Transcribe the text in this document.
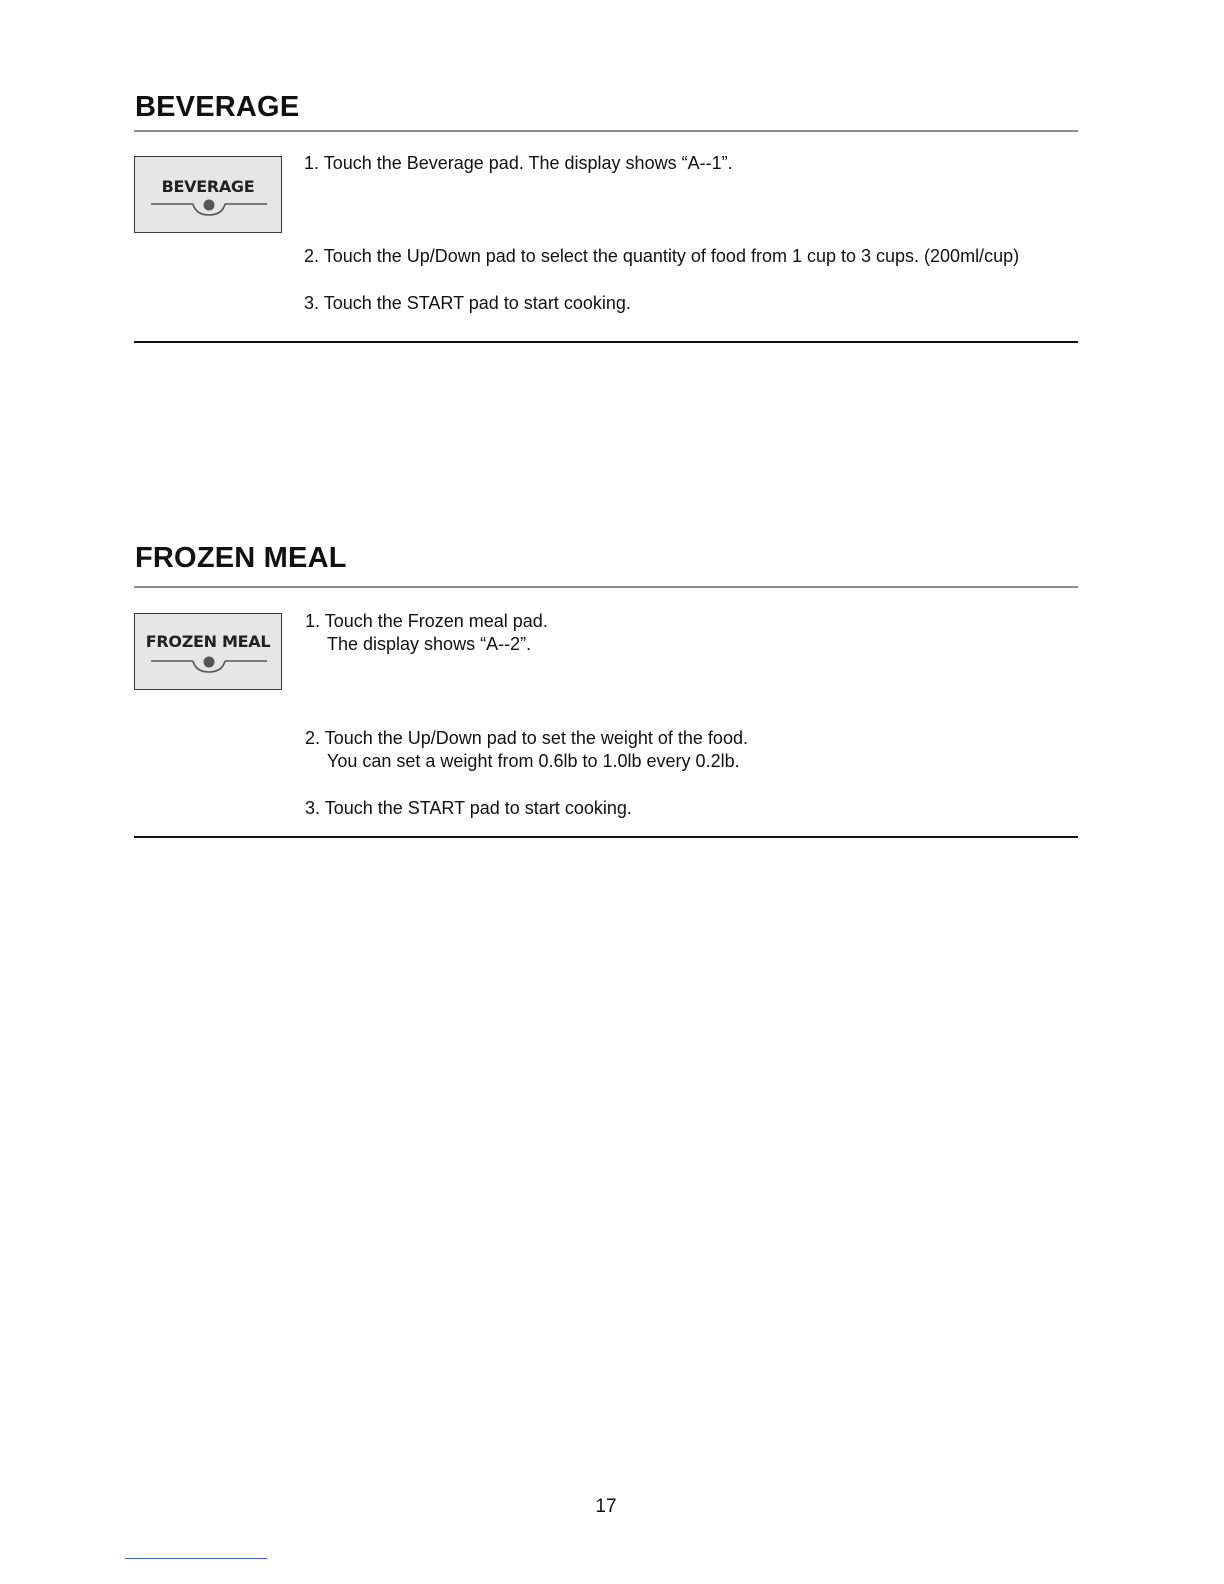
BEVERAGE
BEVERAGE

1. Touch the Beverage pad. The display shows “A--1”.

2. Touch the Up/Down pad to select the quantity of food from 1 cup to 3 cups. (200ml/cup)

3. Touch the START pad to start cooking.

FROZEN MEAL
FROZEN MEAL

1. Touch the Frozen meal pad.
The display shows “A--2”.

2. Touch the Up/Down pad to set the weight of the food.
You can set a weight from 0.6lb to 1.0lb every 0.2lb.

3. Touch the START pad to start cooking.

17
